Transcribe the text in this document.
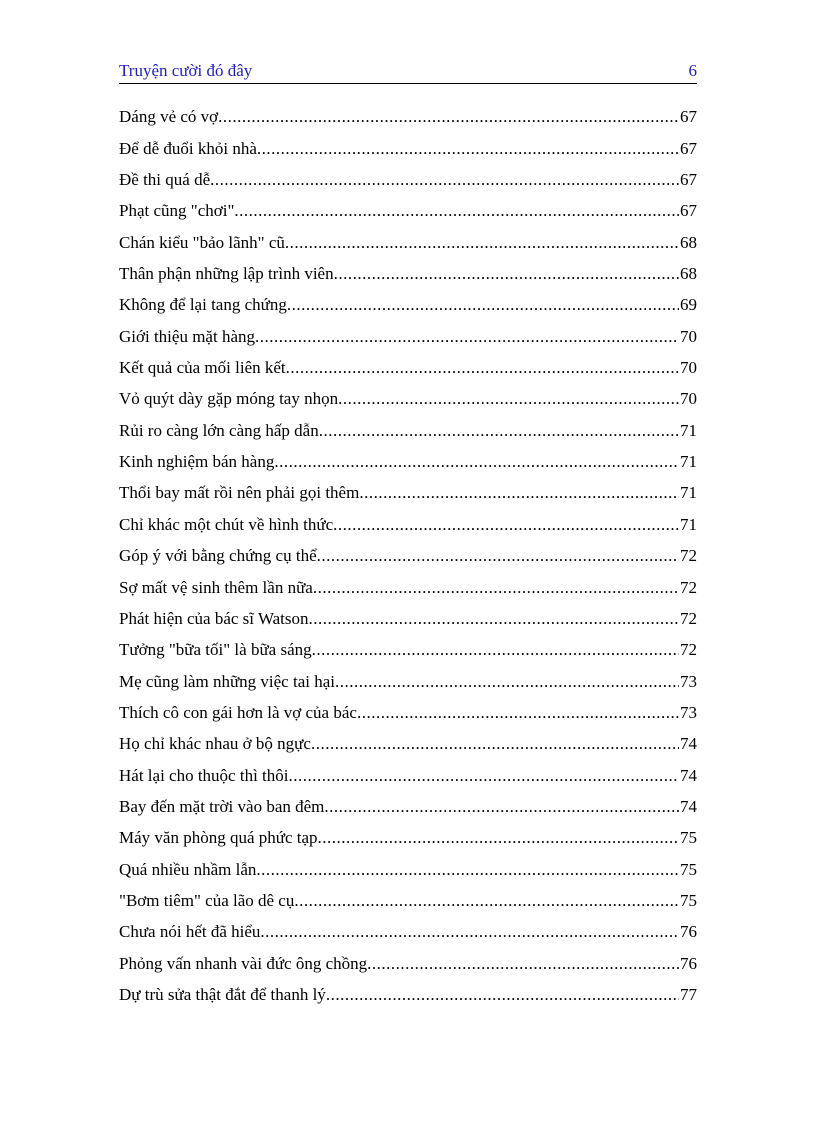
Truyện cười đó đây	6
Dáng vẻ có vợ .....	67
Để dễ đuổi khỏi nhà .....	67
Đề thi quá dễ .....	67
Phạt cũng "chơi" .....	67
Chán kiểu "bảo lãnh" cũ .....	68
Thân phận những lập trình viên .....	68
Không để lại tang chứng .....	69
Giới thiệu mặt hàng .....	70
Kết quả của mối liên kết .....	70
Vỏ quýt dày gặp móng tay nhọn .....	70
Rủi ro càng lớn càng hấp dẫn .....	71
Kinh nghiệm bán hàng .....	71
Thổi bay mất rồi nên phải gọi thêm .....	71
Chỉ khác một chút về hình thức .....	71
Góp ý với bằng chứng cụ thể .....	72
Sợ mất vệ sinh thêm lần nữa .....	72
Phát hiện của bác sĩ Watson .....	72
Tưởng "bữa tối" là bữa sáng .....	72
Mẹ cũng làm những việc tai hại .....	73
Thích cô con gái hơn là vợ của bác .....	73
Họ chỉ khác nhau ở bộ ngực .....	74
Hát lại cho thuộc thì thôi .....	74
Bay đến mặt trời vào ban đêm .....	74
Máy văn phòng quá phức tạp .....	75
Quá nhiều nhầm lẫn .....	75
"Bơm tiêm" của lão dê cụ .....	75
Chưa nói hết đã hiểu .....	76
Phỏng vấn nhanh vài đức ông chồng .....	76
Dự trù sửa thật đắt để thanh lý .....	77
